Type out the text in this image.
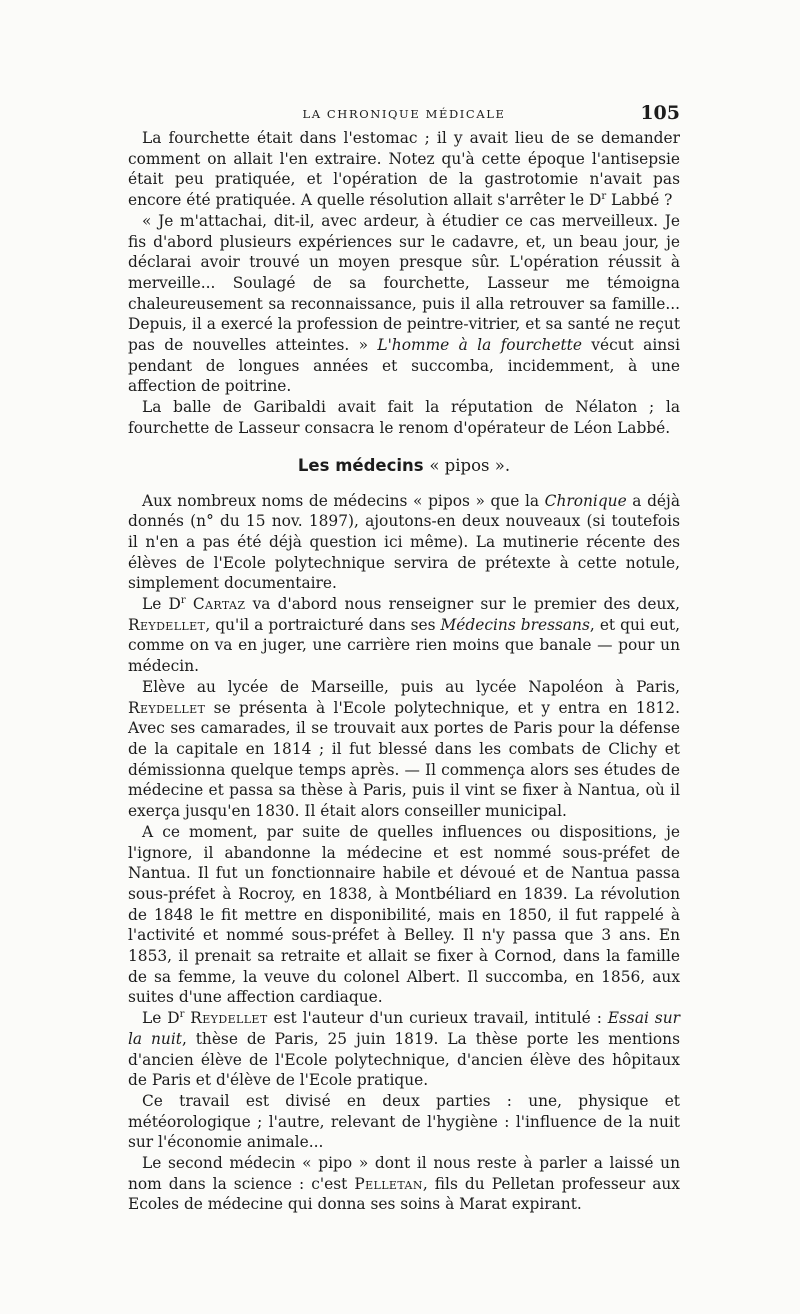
LA CHRONIQUE MÉDICALE	105

La fourchette était dans l'estomac ; il y avait lieu de se demander comment on allait l'en extraire. Notez qu'à cette époque l'antisepsie était peu pratiquée, et l'opération de la gastrotomie n'avait pas encore été pratiquée. A quelle résolution allait s'arrêter le $D^r$ Labbé ?

« Je m'attachai, dit-il, avec ardeur, à étudier ce cas merveilleux. Je fis d'abord plusieurs expériences sur le cadavre, et, un beau jour, je déclarai avoir trouvé un moyen presque sûr. L'opération réussit à merveille... Soulagé de sa fourchette, Lasseur me témoigna chaleureusement sa reconnaissance, puis il alla retrouver sa famille... Depuis, il a exercé la profession de peintre-vitrier, et sa santé ne reçut pas de nouvelles atteintes. » L'homme à la fourchette vécut ainsi pendant de longues années et succomba, incidemment, à une affection de poitrine.

La balle de Garibaldi avait fait la réputation de Nélaton ; la fourchette de Lasseur consacra le renom d'opérateur de Léon Labbé.

Les médecins « pipos ».

Aux nombreux noms de médecins « pipos » que la Chronique a déjà donnés (n° du 15 nov. 1897), ajoutons-en deux nouveaux (si toutefois il n'en a pas été déjà question ici même). La mutinerie récente des élèves de l'Ecole polytechnique servira de prétexte à cette notule, simplement documentaire.

Le $D^r$ Cartaz va d'abord nous renseigner sur le premier des deux, Reydellet, qu'il a portraicturé dans ses Médecins bressans, et qui eut, comme on va en juger, une carrière rien moins que banale — pour un médecin.

Elève au lycée de Marseille, puis au lycée Napoléon à Paris, Reydellet se présenta à l'Ecole polytechnique, et y entra en 1812. Avec ses camarades, il se trouvait aux portes de Paris pour la défense de la capitale en 1814 ; il fut blessé dans les combats de Clichy et démissionna quelque temps après. — Il commença alors ses études de médecine et passa sa thèse à Paris, puis il vint se fixer à Nantua, où il exerça jusqu'en 1830. Il était alors conseiller municipal.

A ce moment, par suite de quelles influences ou dispositions, je l'ignore, il abandonne la médecine et est nommé sous-préfet de Nantua. Il fut un fonctionnaire habile et dévoué et de Nantua passa sous-préfet à Rocroy, en 1838, à Montbéliard en 1839. La révolution de 1848 le fit mettre en disponibilité, mais en 1850, il fut rappelé à l'activité et nommé sous-préfet à Belley. Il n'y passa que 3 ans. En 1853, il prenait sa retraite et allait se fixer à Cornod, dans la famille de sa femme, la veuve du colonel Albert. Il succomba, en 1856, aux suites d'une affection cardiaque.

Le $D^r$ Reydellet est l'auteur d'un curieux travail, intitulé : Essai sur la nuit, thèse de Paris, 25 juin 1819. La thèse porte les mentions d'ancien élève de l'Ecole polytechnique, d'ancien élève des hôpitaux de Paris et d'élève de l'Ecole pratique.

Ce travail est divisé en deux parties : une, physique et météorologique ; l'autre, relevant de l'hygiène : l'influence de la nuit sur l'économie animale...

Le second médecin « pipo » dont il nous reste à parler a laissé un nom dans la science : c'est Pelletan, fils du Pelletan professeur aux Ecoles de médecine qui donna ses soins à Marat expirant.
